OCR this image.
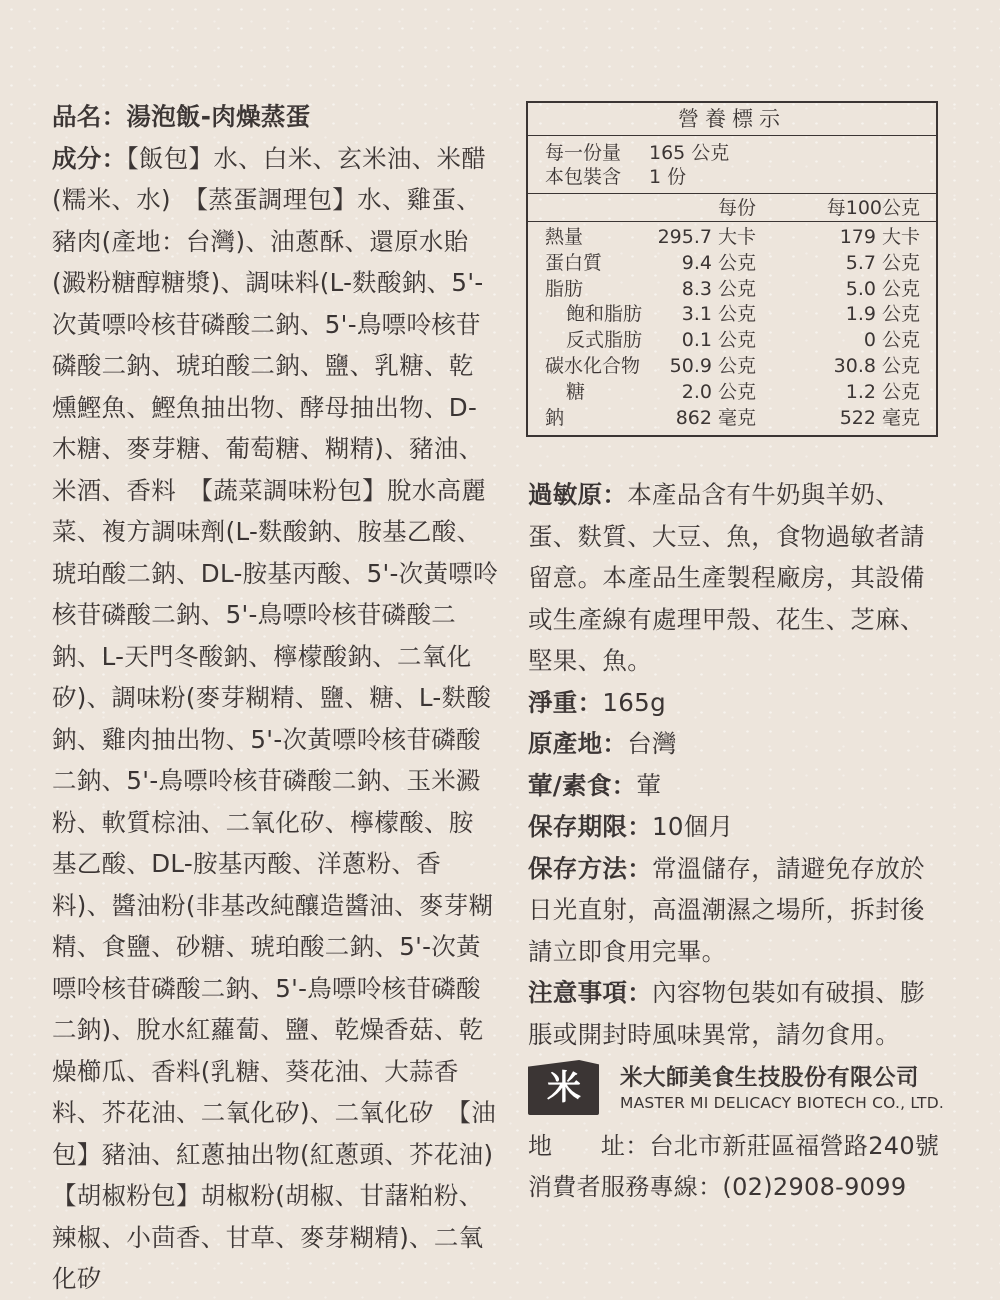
品名：湯泡飯-肉燥蒸蛋

成分：【飯包】水、白米、玄米油、米醋(糯米、水)　【蒸蛋調理包】水、雞蛋、豬肉(產地：台灣)、油蔥酥、還原水貽(澱粉糖醇糖漿)、調味料(L-麩酸鈉、5'-次黃嘌呤核苷磷酸二鈉、5'-鳥嘌呤核苷磷酸二鈉、琥珀酸二鈉、鹽、乳糖、乾燻鰹魚、鰹魚抽出物、酵母抽出物、D-木糖、麥芽糖、葡萄糖、糊精)、豬油、米酒、香料　【蔬菜調味粉包】脫水高麗菜、複方調味劑(L-麩酸鈉、胺基乙酸、琥珀酸二鈉、DL-胺基丙酸、5'-次黃嘌呤核苷磷酸二鈉、5'-鳥嘌呤核苷磷酸二鈉、L-天門冬酸鈉、檸檬酸鈉、二氧化矽)、調味粉(麥芽糊精、鹽、糖、L-麩酸鈉、雞肉抽出物、5'-次黃嘌呤核苷磷酸二鈉、5'-鳥嘌呤核苷磷酸二鈉、玉米澱粉、軟質棕油、二氧化矽、檸檬酸、胺基乙酸、DL-胺基丙酸、洋蔥粉、香料)、醬油粉(非基改純釀造醬油、麥芽糊精、食鹽、砂糖、琥珀酸二鈉、5'-次黃嘌呤核苷磷酸二鈉、5'-鳥嘌呤核苷磷酸二鈉)、脫水紅蘿蔔、鹽、乾燥香菇、乾燥櫛瓜、香料(乳糖、葵花油、大蒜香料、芥花油、二氧化矽)、二氧化矽　【油包】豬油、紅蔥抽出物(紅蔥頭、芥花油)　【胡椒粉包】胡椒粉(胡椒、甘藷粕粉、辣椒、小茴香、甘草、麥芽糊精)、二氧化矽

營養標示
每一份量 165 公克
本包裝含 1 份
每份	每100公克
熱量	295.7 大卡	179 大卡
蛋白質	9.4 公克	5.7 公克
脂肪	8.3 公克	5.0 公克
飽和脂肪 3.1 公克	1.9 公克
反式脂肪 0.1 公克	0 公克
碳水化合物 50.9 公克	30.8 公克
糖	2.0 公克	1.2 公克
鈉	862 毫克	522 毫克

過敏原：本產品含有牛奶與羊奶、蛋、麩質、大豆、魚，食物過敏者請留意。本產品生產製程廠房，其設備或生產線有處理甲殼、花生、芝麻、堅果、魚。

淨重：165g

原產地：台灣

葷/素食：葷

保存期限：10個月

保存方法：常溫儲存，請避免存放於日光直射，高溫潮濕之場所，拆封後請立即食用完畢。

注意事項：內容物包裝如有破損、膨脹或開封時風味異常，請勿食用。

米 米大師美食生技股份有限公司
MASTER MI DELICACY BIOTECH CO., LTD.

地　　址：台北市新莊區福營路240號

消費者服務專線：(02)2908-9099
